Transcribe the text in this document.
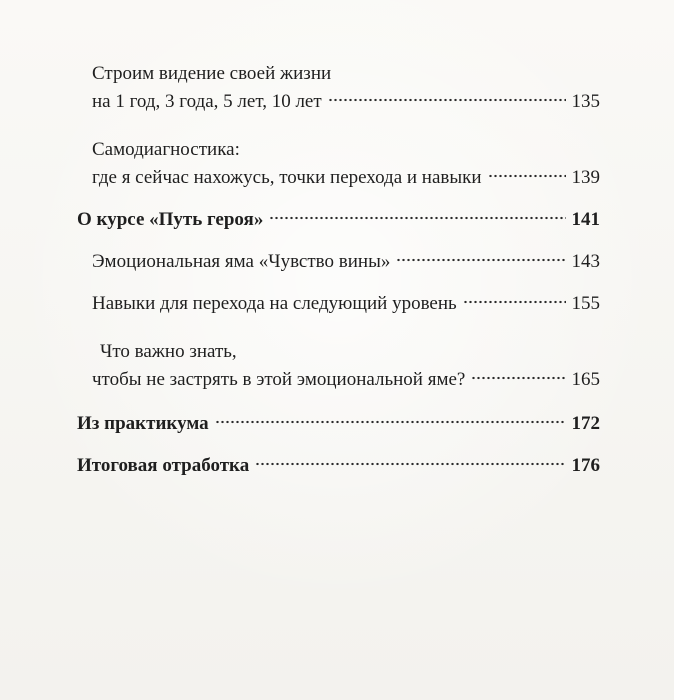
Строим видение своей жизни
на 1 год, 3 года, 5 лет, 10 лет	135
Самодиагностика:
где я сейчас нахожусь, точки перехода и навыки	139
О курсе «Путь героя»	141
Эмоциональная яма «Чувство вины»	143
Навыки для перехода на следующий уровень	155
Что важно знать,
чтобы не застрять в этой эмоциональной яме?	165
Из практикума	172
Итоговая отработка	176
